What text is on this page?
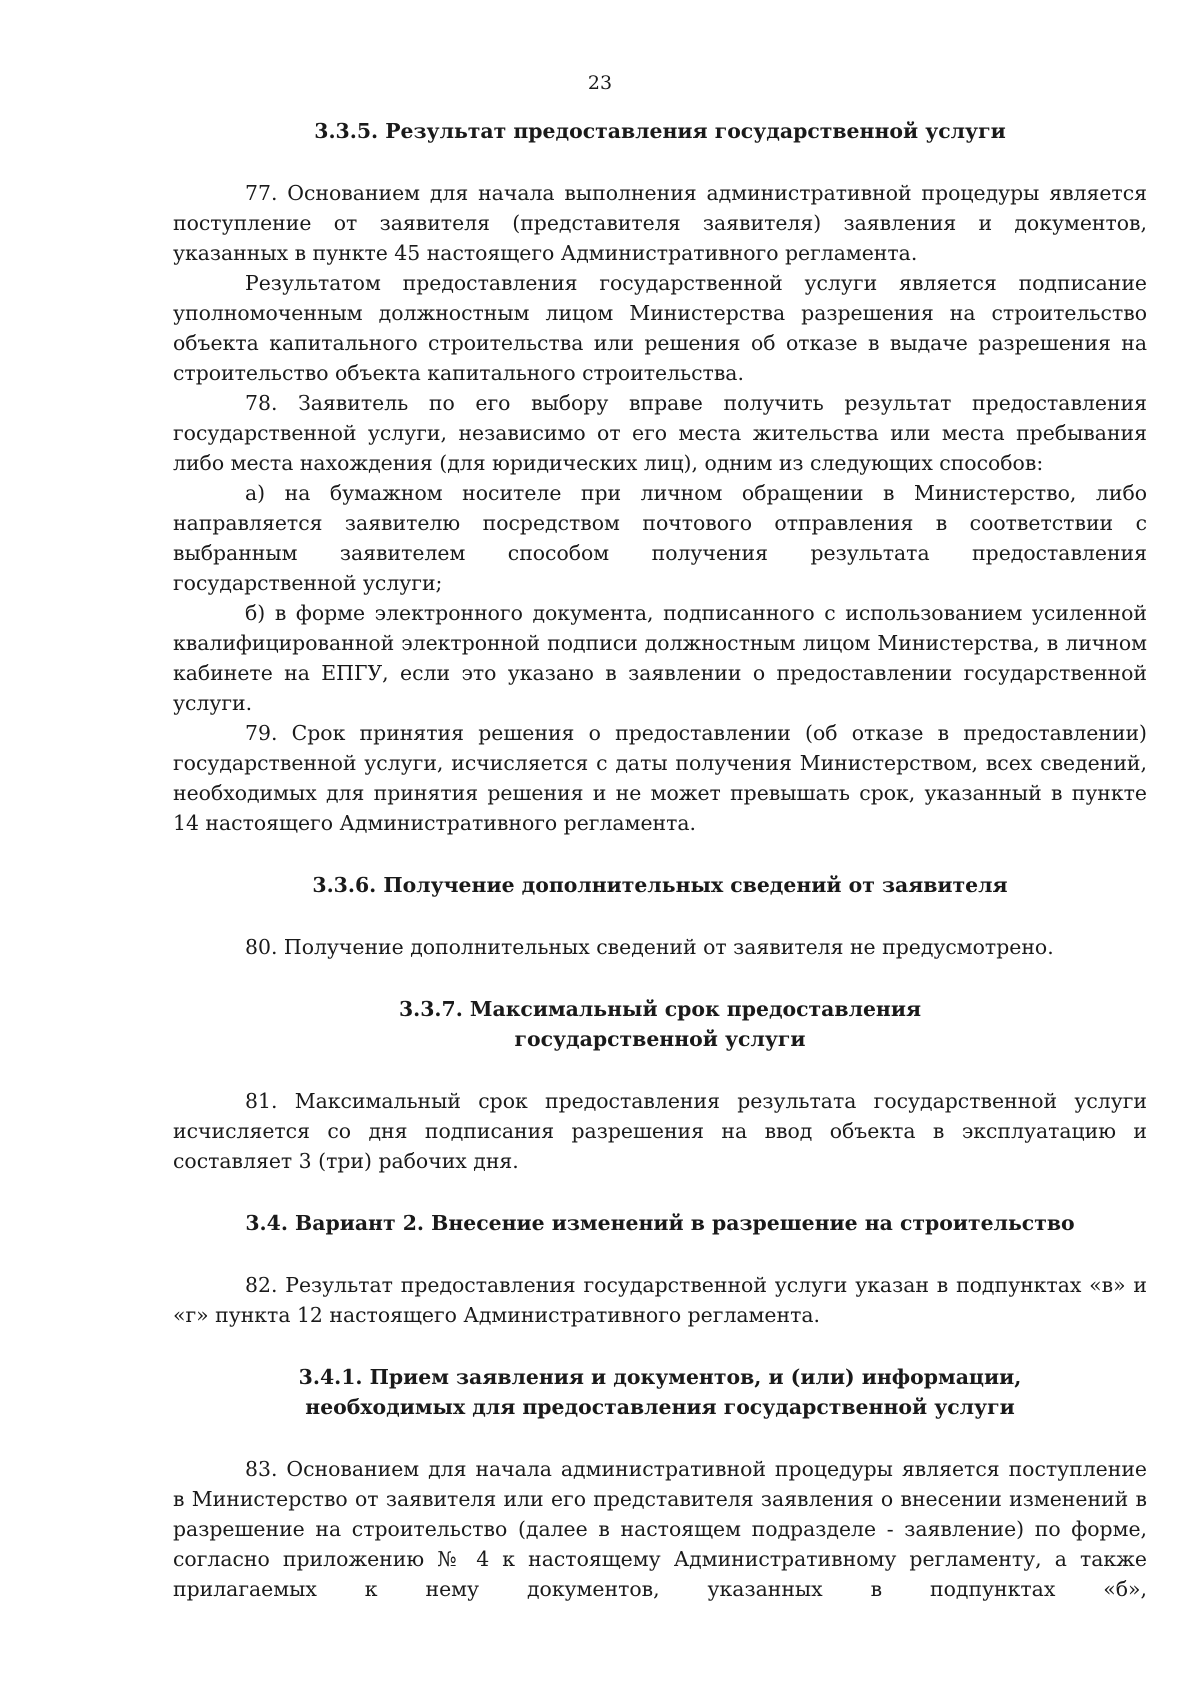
23
3.3.5. Результат предоставления государственной услуги

77. Основанием для начала выполнения административной процедуры является поступление от заявителя (представителя заявителя) заявления и документов, указанных в пункте 45 настоящего Административного регламента.

Результатом предоставления государственной услуги является подписание уполномоченным должностным лицом Министерства разрешения на строительство объекта капитального строительства или решения об отказе в выдаче разрешения на строительство объекта капитального строительства.

78. Заявитель по его выбору вправе получить результат предоставления государственной услуги, независимо от его места жительства или места пребывания либо места нахождения (для юридических лиц), одним из следующих способов:

а) на бумажном носителе при личном обращении в Министерство, либо направляется заявителю посредством почтового отправления в соответствии с выбранным заявителем способом получения результата предоставления государственной услуги;

б) в форме электронного документа, подписанного с использованием усиленной квалифицированной электронной подписи должностным лицом Министерства, в личном кабинете на ЕПГУ, если это указано в заявлении о предоставлении государственной услуги.

79. Срок принятия решения о предоставлении (об отказе в предоставлении) государственной услуги, исчисляется с даты получения Министерством, всех сведений, необходимых для принятия решения и не может превышать срок, указанный в пункте 14 настоящего Административного регламента.

3.3.6. Получение дополнительных сведений от заявителя

80. Получение дополнительных сведений от заявителя не предусмотрено.

3.3.7. Максимальный срок предоставления государственной услуги

81. Максимальный срок предоставления результата государственной услуги исчисляется со дня подписания разрешения на ввод объекта в эксплуатацию и составляет 3 (три) рабочих дня.

3.4. Вариант 2. Внесение изменений в разрешение на строительство

82. Результат предоставления государственной услуги указан в подпунктах «в» и «г» пункта 12 настоящего Административного регламента.

3.4.1. Прием заявления и документов, и (или) информации, необходимых для предоставления государственной услуги

83. Основанием для начала административной процедуры является поступление в Министерство от заявителя или его представителя заявления о внесении изменений в разрешение на строительство (далее в настоящем подразделе - заявление) по форме, согласно приложению № 4 к настоящему Административному регламенту, а также прилагаемых к нему документов, указанных в подпунктах «б»,
